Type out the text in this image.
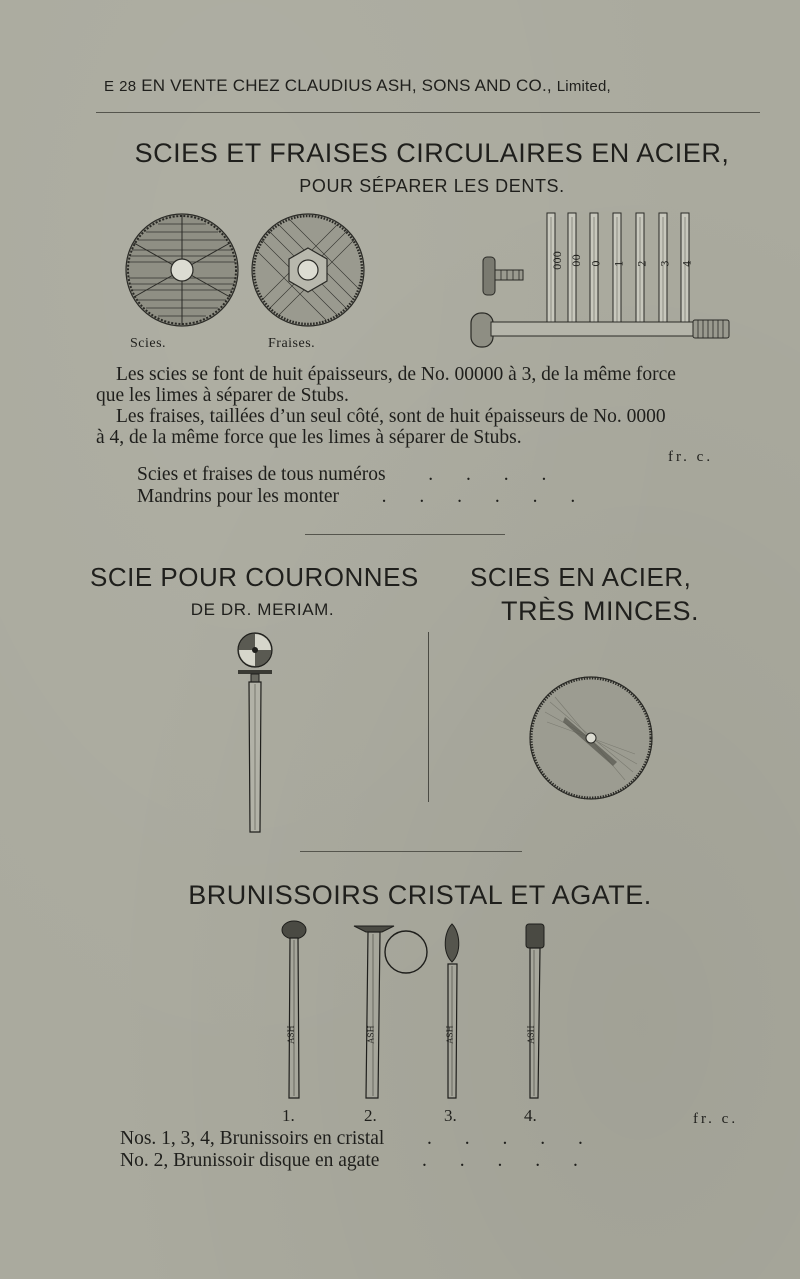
E 28 EN VENTE CHEZ CLAUDIUS ASH, SONS AND CO., Limited,
SCIES ET FRAISES CIRCULAIRES EN ACIER,
POUR SÉPARER LES DENTS.
Scies.	Fraises.
000 00 0 1 2 3 4
Les scies se font de huit épaisseurs, de No. 00000 à 3, de la même force
que les limes à séparer de Stubs.
Les fraises, taillées d’un seul côté, sont de huit épaisseurs de No. 0000
à 4, de la même force que les limes à séparer de Stubs.
fr. c.
Scies et fraises de tous numéros   . . . .
Mandrins pour les monter   . . . . . .
SCIE POUR COURONNES
DE DR. MERIAM.
SCIES EN ACIER,
TRÈS MINCES.
BRUNISSOIRS CRISTAL ET AGATE.
ASH	ASH	ASH	ASH
1.	2.	3.	4.	fr. c.
Nos. 1, 3, 4, Brunissoirs en cristal   . . . . .
No. 2, Brunissoir disque en agate   . . . . .
